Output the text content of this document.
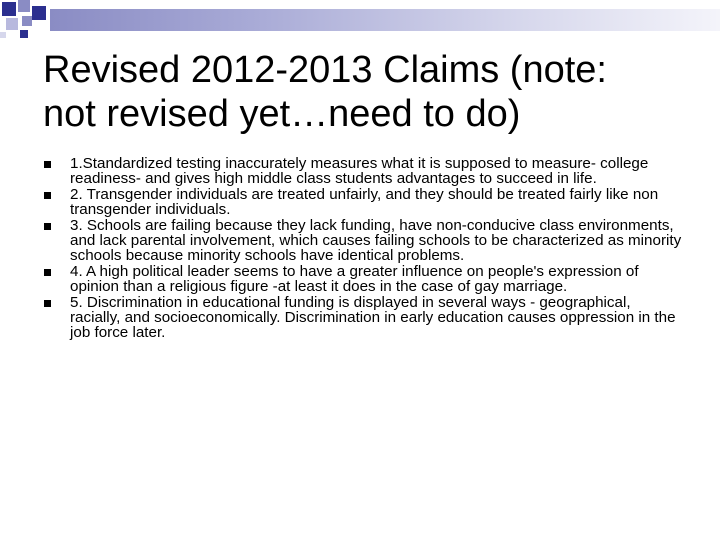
Revised 2012-2013 Claims (note:
not revised yet…need to do)
1.Standardized testing inaccurately measures what it is supposed to measure- college readiness- and gives high middle class students advantages to succeed in life.
2. Transgender individuals are treated unfairly, and they should be treated fairly like non transgender individuals.
3. Schools are failing because they lack funding, have non-conducive class environments, and lack parental involvement, which causes failing schools to be characterized as minority schools because minority schools have identical problems.
4. A high political leader seems to have a greater influence on people's expression of opinion than a religious figure -at least it does in the case of gay marriage.
5. Discrimination in educational funding is displayed in several ways - geographical, racially, and socioeconomically. Discrimination in early education causes oppression in the job force later.
